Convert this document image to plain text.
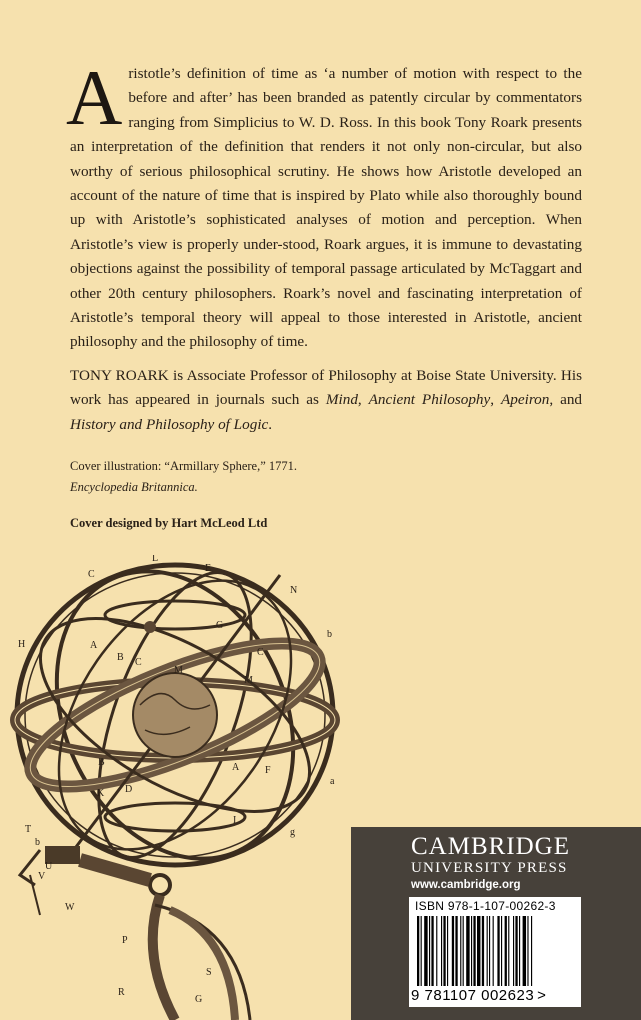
Aristotle’s definition of time as ‘a number of motion with respect to the before and after’ has been branded as patently circular by commentators ranging from Simplicius to W. D. Ross. In this book Tony Roark presents an interpretation of the definition that renders it not only non-circular, but also worthy of serious philosophical scrutiny. He shows how Aristotle developed an account of the nature of time that is inspired by Plato while also thoroughly bound up with Aristotle’s sophisticated analyses of motion and perception. When Aristotle’s view is properly under-stood, Roark argues, it is immune to devastating objections against the possibility of temporal passage articulated by McTaggart and other 20th century philosophers. Roark’s novel and fascinating interpretation of Aristotle’s temporal theory will appeal to those interested in Aristotle, ancient philosophy and the philosophy of time.
TONY ROARK is Associate Professor of Philosophy at Boise State University. His work has appeared in journals such as Mind, Ancient Philosophy, Apeiron, and History and Philosophy of Logic.
Cover illustration: “Armillary Sphere,” 1771.
Encyclopedia Britannica.
Cover designed by Hart McLeod Ltd
C
L
E
N
b
H	A
B C
G
C
M
M
B	A	F
K D
I
T
U
V
W
P
R
G
S
g
b
a
CAMBRIDGE
UNIVERSITY PRESS
www.cambridge.org
ISBN 978-1-107-00262-3
9 781107 002623 >
